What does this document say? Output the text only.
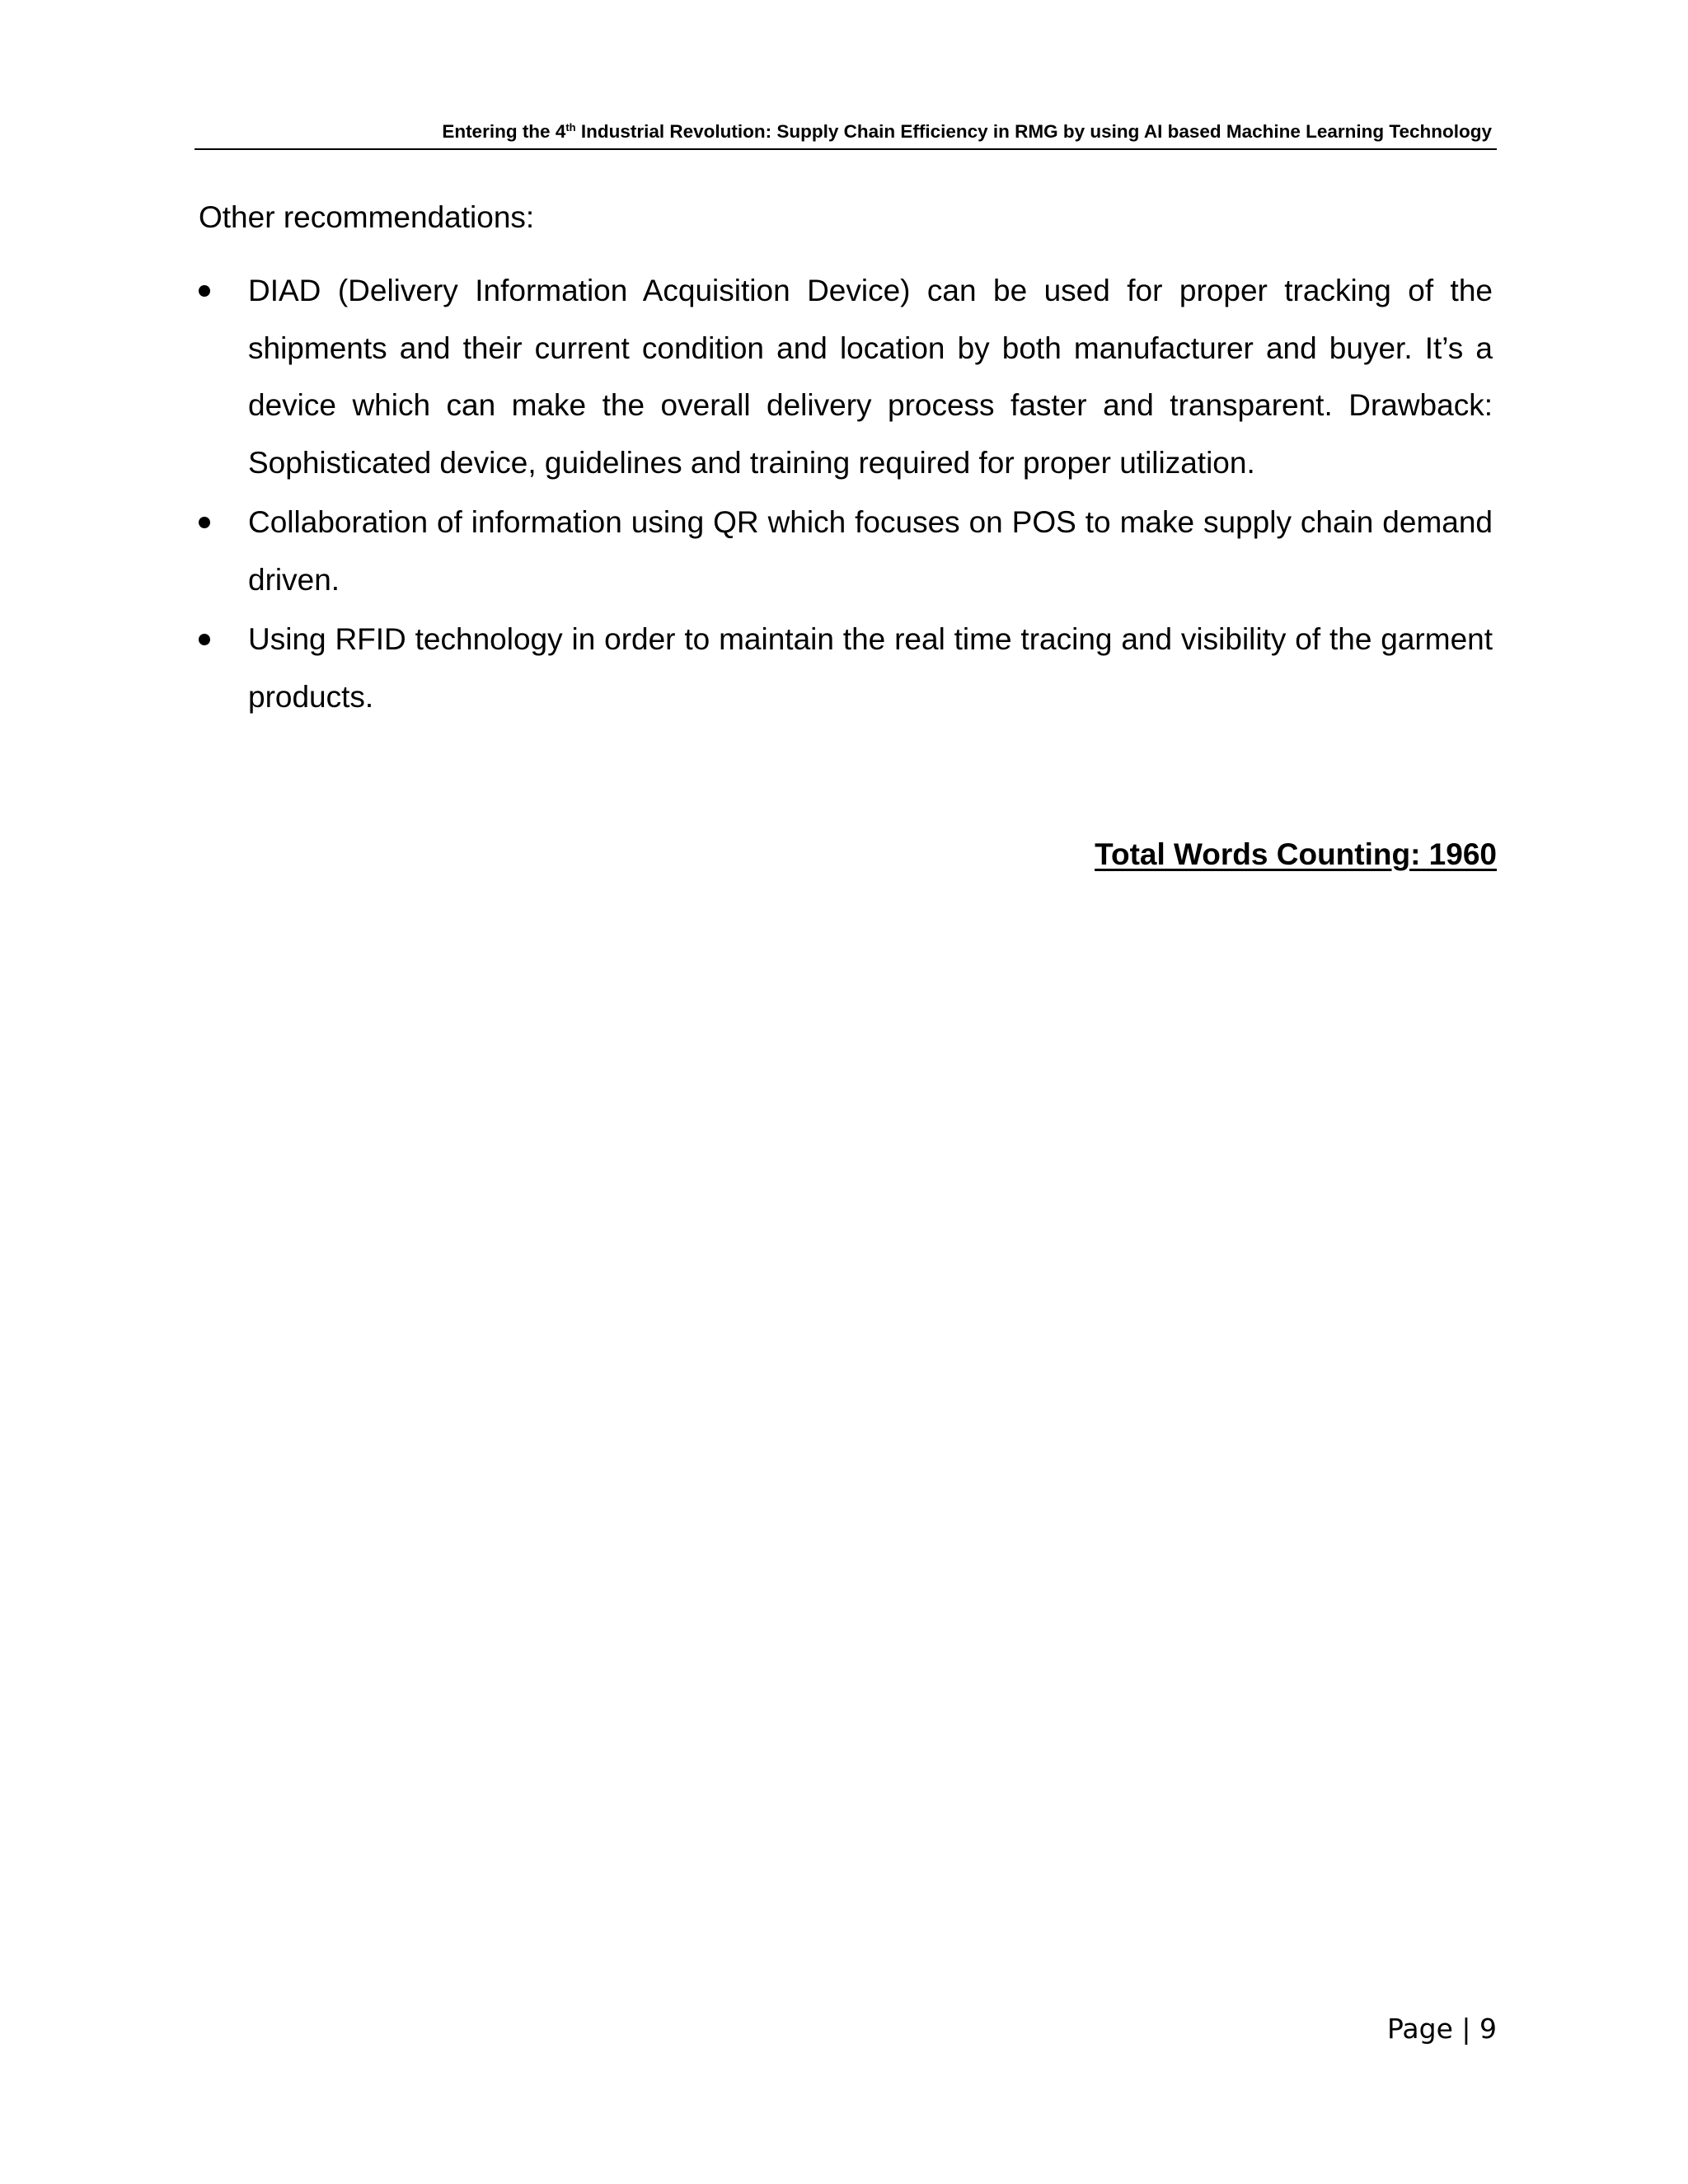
Entering the 4th Industrial Revolution: Supply Chain Efficiency in RMG by using AI based Machine Learning Technology
Other recommendations:
DIAD (Delivery Information Acquisition Device) can be used for proper tracking of the shipments and their current condition and location by both manufacturer and buyer. It’s a device which can make the overall delivery process faster and transparent. Drawback: Sophisticated device, guidelines and training required for proper utilization.
Collaboration of information using QR which focuses on POS to make supply chain demand driven.
Using RFID technology in order to maintain the real time tracing and visibility of the garment products.
Total Words Counting: 1960
Page | 9
